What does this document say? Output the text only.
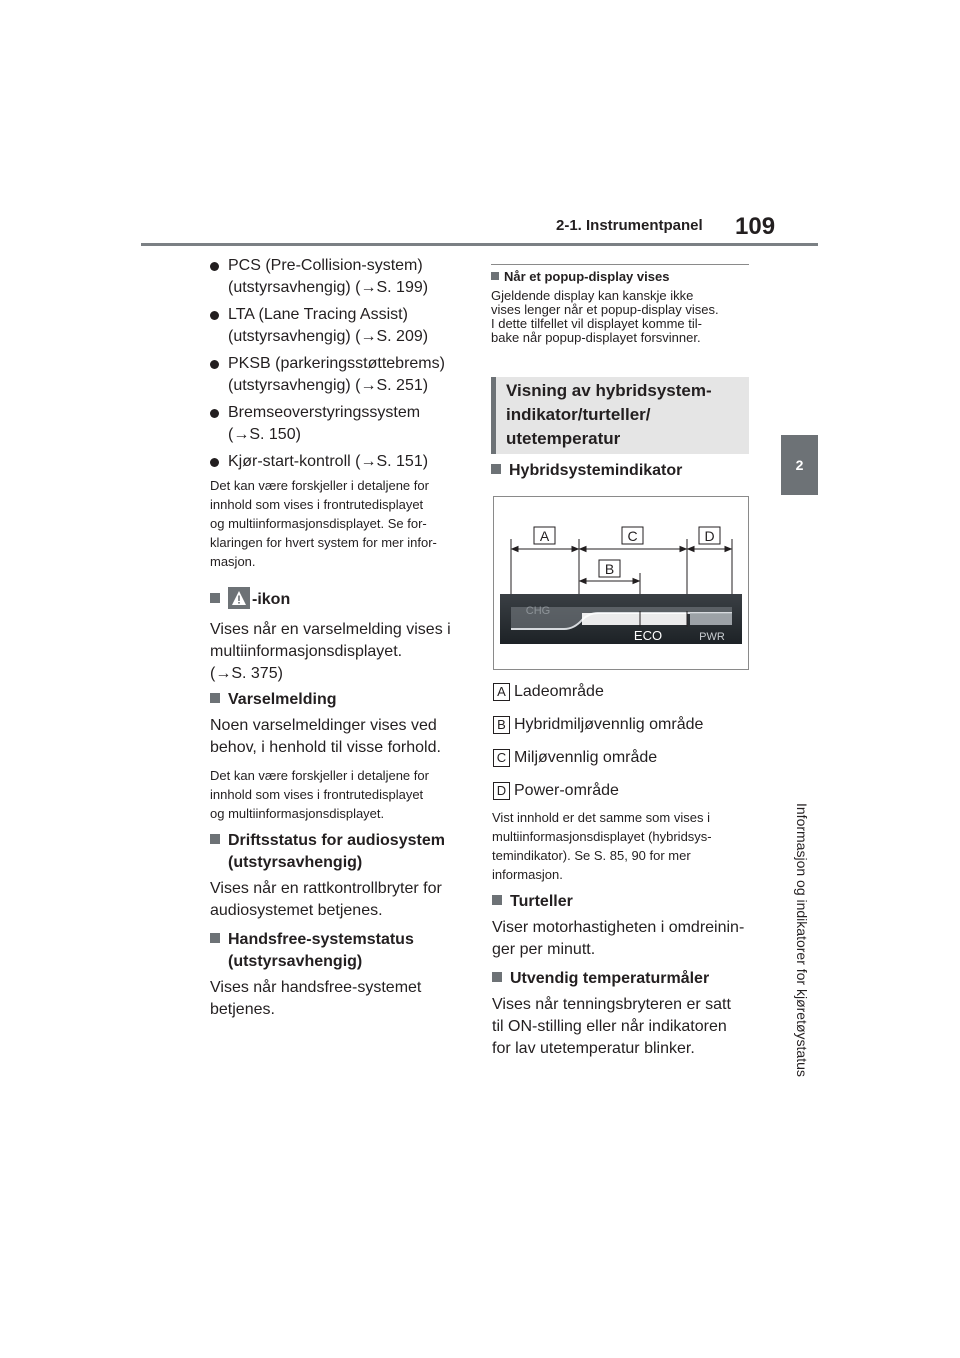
2-1. Instrumentpanel 109
2
Informasjon og indikatorer for kjøretøystatus
PCS (Pre-Collision-system)
(utstyrsavhengig) (→S. 199)
LTA (Lane Tracing Assist)
(utstyrsavhengig) (→S. 209)
PKSB (parkeringsstøttebrems)
(utstyrsavhengig) (→S. 251)
Bremseoverstyringssystem
(→S. 150)
Kjør-start-kontroll (→S. 151)
Det kan være forskjeller i detaljene for
innhold som vises i frontrutedisplayet
og multiinformasjonsdisplayet. Se for-
klaringen for hvert system for mer infor-
masjon.
-ikon
Vises når en varselmelding vises i
multiinformasjonsdisplayet.
(→S. 375)
Varselmelding
Noen varselmeldinger vises ved
behov, i henhold til visse forhold.
Det kan være forskjeller i detaljene for
innhold som vises i frontrutedisplayet
og multiinformasjonsdisplayet.
Driftsstatus for audiosystem
(utstyrsavhengig)
Vises når en rattkontrollbryter for
audiosystemet betjenes.
Handsfree-systemstatus
(utstyrsavhengig)
Vises når handsfree-systemet
betjenes.
Når et popup-display vises
Gjeldende display kan kanskje ikke
vises lenger når et popup-display vises.
I dette tilfellet vil displayet komme til-
bake når popup-displayet forsvinner.
Visning av hybridsystem-
indikator/turteller/
utetemperatur
Hybridsystemindikator
A	C	D
B
CHG
ECO	PWR
A Ladeområde
B Hybridmiljøvennlig område
C Miljøvennlig område
D Power-område
Vist innhold er det samme som vises i
multiinformasjonsdisplayet (hybridsys-
temindikator). Se S. 85, 90 for mer
informasjon.
Turteller
Viser motorhastigheten i omdreinin-
ger per minutt.
Utvendig temperaturmåler
Vises når tenningsbryteren er satt
til ON-stilling eller når indikatoren
for lav utetemperatur blinker.
